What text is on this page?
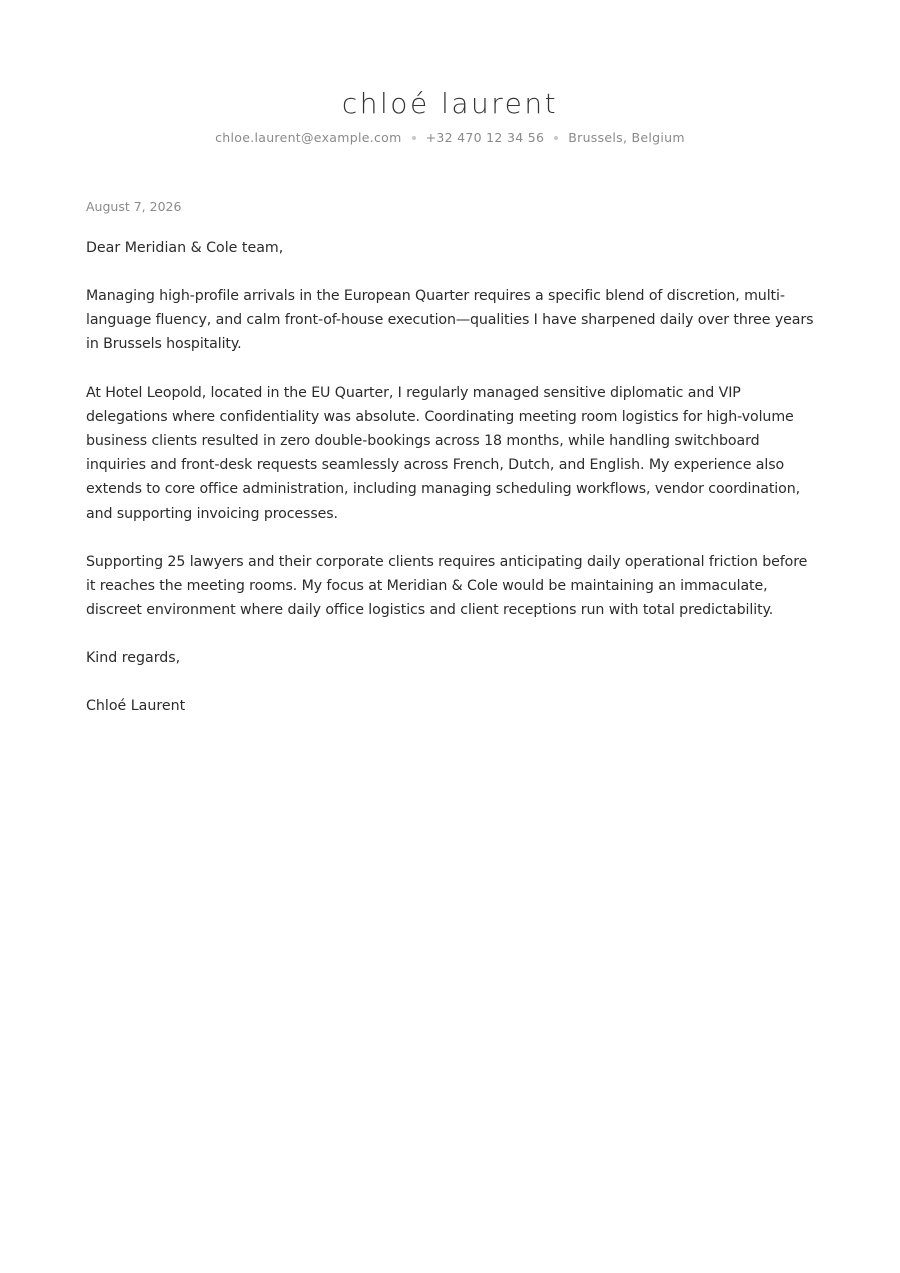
chloé laurent
chloe.laurent@example.com +32 470 12 34 56 Brussels, Belgium
August 7, 2026
Dear Meridian & Cole team,
Managing high-profile arrivals in the European Quarter requires a specific blend of discretion, multi-language fluency, and calm front-of-house execution—qualities I have sharpened daily over three years in Brussels hospitality.
At Hotel Leopold, located in the EU Quarter, I regularly managed sensitive diplomatic and VIP delegations where confidentiality was absolute. Coordinating meeting room logistics for high-volume business clients resulted in zero double-bookings across 18 months, while handling switchboard inquiries and front-desk requests seamlessly across French, Dutch, and English. My experience also extends to core office administration, including managing scheduling workflows, vendor coordination, and supporting invoicing processes.
Supporting 25 lawyers and their corporate clients requires anticipating daily operational friction before it reaches the meeting rooms. My focus at Meridian & Cole would be maintaining an immaculate, discreet environment where daily office logistics and client receptions run with total predictability.
Kind regards,
Chloé Laurent
